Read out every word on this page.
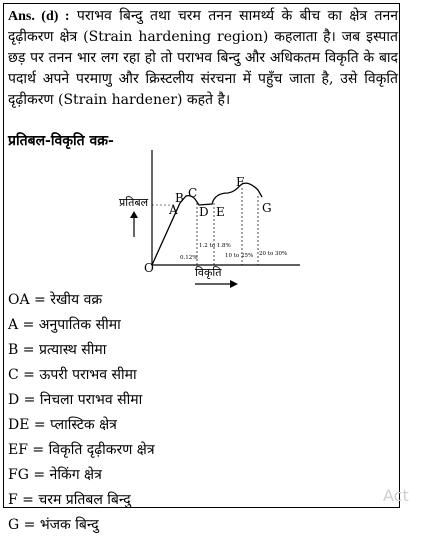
Ans. (d) : पराभव बिन्दु तथा चरम तनन सामर्थ्य के बीच का क्षेत्र तनन दृढ़ीकरण क्षेत्र (Strain hardening region) कहलाता है। जब इस्पात छड़ पर तनन भार लग रहा हो तो पराभव बिन्दु और अधिकतम विकृति के बाद पदार्थ अपने परमाणु और क्रिस्टलीय संरचना में पहुँच जाता है, उसे विकृति दृढ़ीकरण (Strain hardener) कहते है।
प्रतिबल-विकृति वक्र-
प्रतिबल
विकृति
O
A
B C
D E
F
G
0.12%
1.2 to 1.8%
10 to 25% 20 to 30%
OA = रेखीय वक्र
A = अनुपातिक सीमा
B = प्रत्यास्थ सीमा
C = ऊपरी पराभव सीमा
D = निचला पराभव सीमा
DE = प्लास्टिक क्षेत्र
EF = विकृति दृढ़ीकरण क्षेत्र
FG = नेकिंग क्षेत्र
F = चरम प्रतिबल बिन्दु
G = भंजक बिन्दु
Act
